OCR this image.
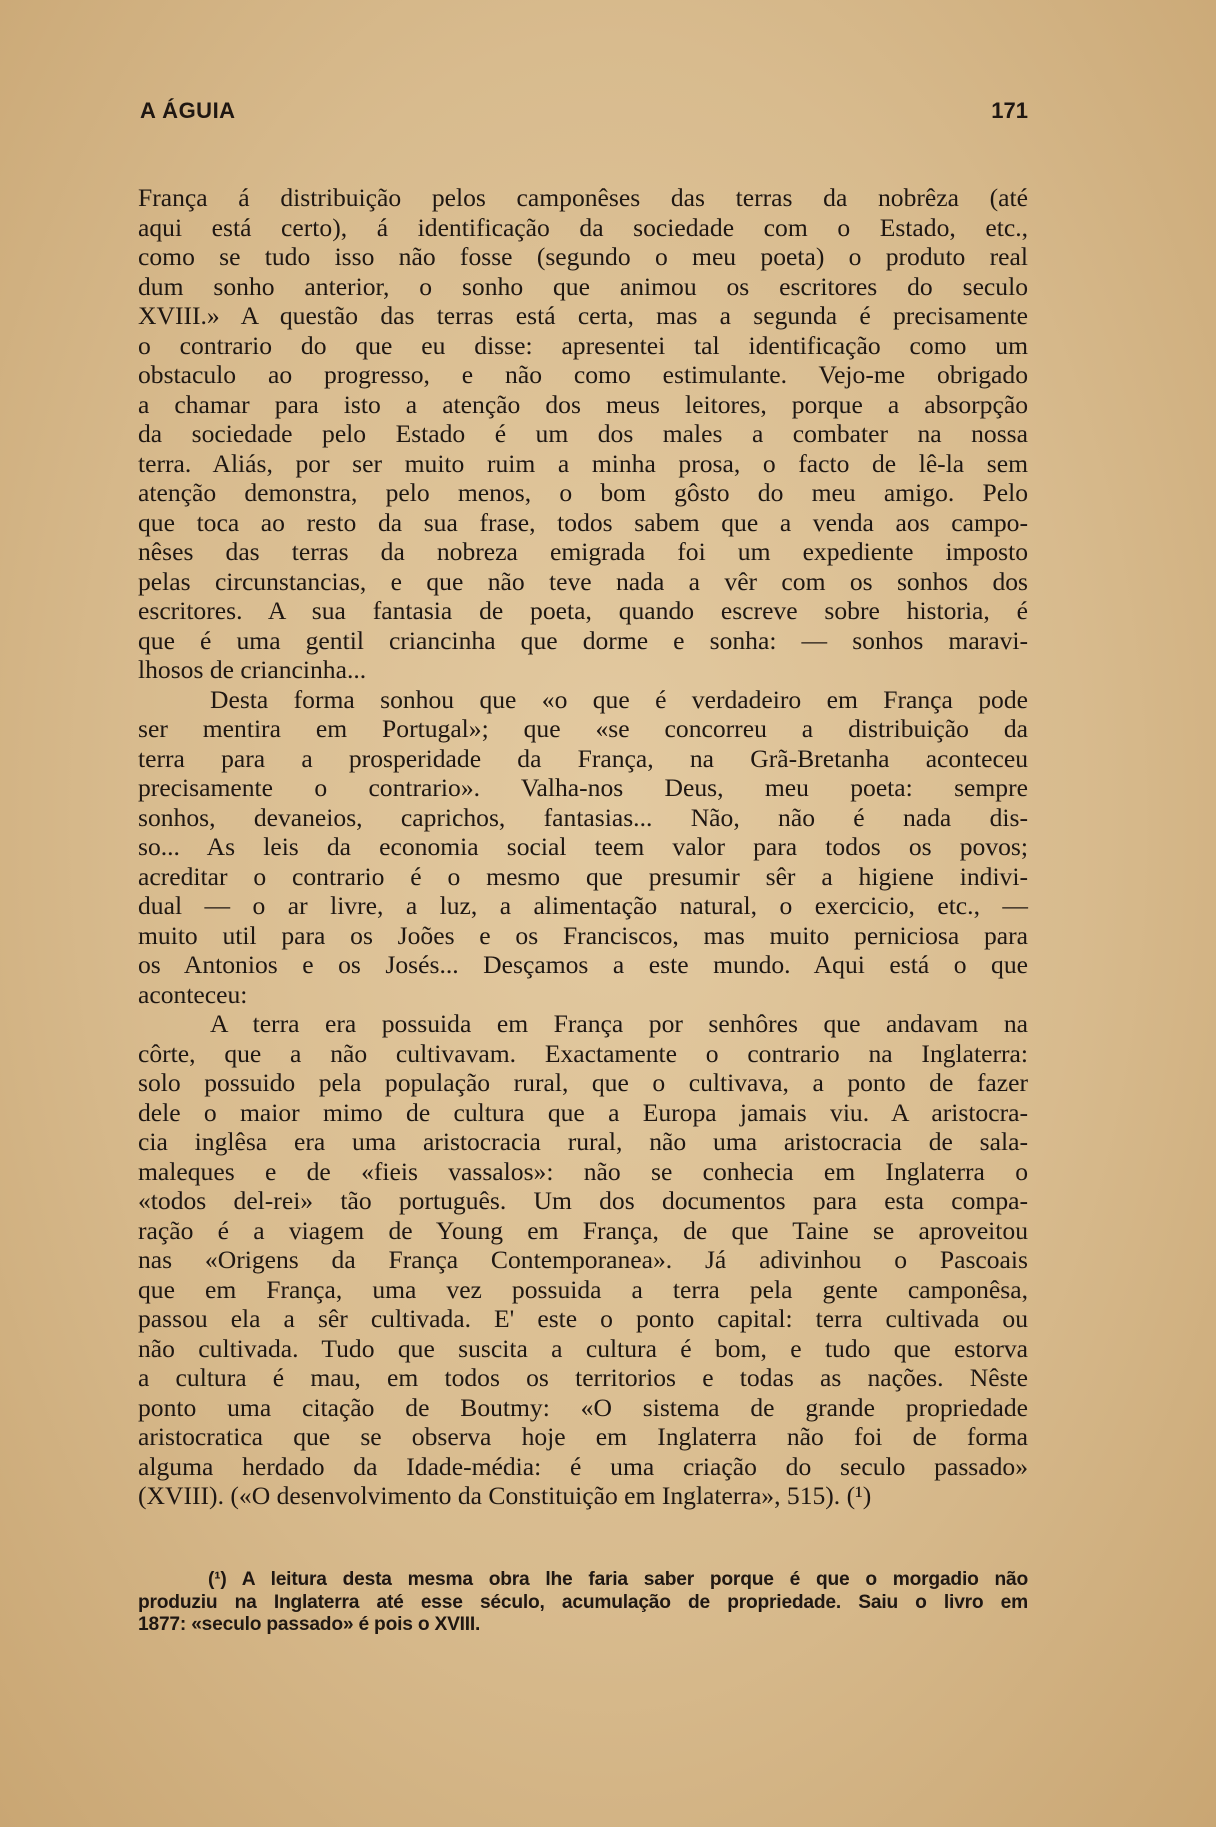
A ÁGUIA	171
França á distribuição pelos camponêses das terras da nobrêza (até
aqui está certo), á identificação da sociedade com o Estado, etc.,
como se tudo isso não fosse (segundo o meu poeta) o produto real
dum sonho anterior, o sonho que animou os escritores do seculo
XVIII.» A questão das terras está certa, mas a segunda é precisamente
o contrario do que eu disse: apresentei tal identificação como um
obstaculo ao progresso, e não como estimulante. Vejo-me obrigado
a chamar para isto a atenção dos meus leitores, porque a absorpção
da sociedade pelo Estado é um dos males a combater na nossa
terra. Aliás, por ser muito ruim a minha prosa, o facto de lê-la sem
atenção demonstra, pelo menos, o bom gôsto do meu amigo. Pelo
que toca ao resto da sua frase, todos sabem que a venda aos campo-
nêses das terras da nobreza emigrada foi um expediente imposto
pelas circunstancias, e que não teve nada a vêr com os sonhos dos
escritores. A sua fantasia de poeta, quando escreve sobre historia, é
que é uma gentil criancinha que dorme e sonha: — sonhos maravi-
lhosos de criancinha...
Desta forma sonhou que «o que é verdadeiro em França pode
ser mentira em Portugal»; que «se concorreu a distribuição da
terra para a prosperidade da França, na Grã-Bretanha aconteceu
precisamente o contrario». Valha-nos Deus, meu poeta: sempre
sonhos, devaneios, caprichos, fantasias... Não, não é nada dis-
so... As leis da economia social teem valor para todos os povos;
acreditar o contrario é o mesmo que presumir sêr a higiene indivi-
dual — o ar livre, a luz, a alimentação natural, o exercicio, etc., —
muito util para os Joões e os Franciscos, mas muito perniciosa para
os Antonios e os Josés... Desçamos a este mundo. Aqui está o que
aconteceu:
A terra era possuida em França por senhôres que andavam na
côrte, que a não cultivavam. Exactamente o contrario na Inglaterra:
solo possuido pela população rural, que o cultivava, a ponto de fazer
dele o maior mimo de cultura que a Europa jamais viu. A aristocra-
cia inglêsa era uma aristocracia rural, não uma aristocracia de sala-
maleques e de «fieis vassalos»: não se conhecia em Inglaterra o
«todos del-rei» tão português. Um dos documentos para esta compa-
ração é a viagem de Young em França, de que Taine se aproveitou
nas «Origens da França Contemporanea». Já adivinhou o Pascoais
que em França, uma vez possuida a terra pela gente camponêsa,
passou ela a sêr cultivada. E' este o ponto capital: terra cultivada ou
não cultivada. Tudo que suscita a cultura é bom, e tudo que estorva
a cultura é mau, em todos os territorios e todas as nações. Nêste
ponto uma citação de Boutmy: «O sistema de grande propriedade
aristocratica que se observa hoje em Inglaterra não foi de forma
alguma herdado da Idade-média: é uma criação do seculo passado»
(XVIII). («O desenvolvimento da Constituição em Inglaterra», 515). (¹)
(¹) A leitura desta mesma obra lhe faria saber porque é que o morgadio não
produziu na Inglaterra até esse século, acumulação de propriedade. Saiu o livro em
1877: «seculo passado» é pois o XVIII.
